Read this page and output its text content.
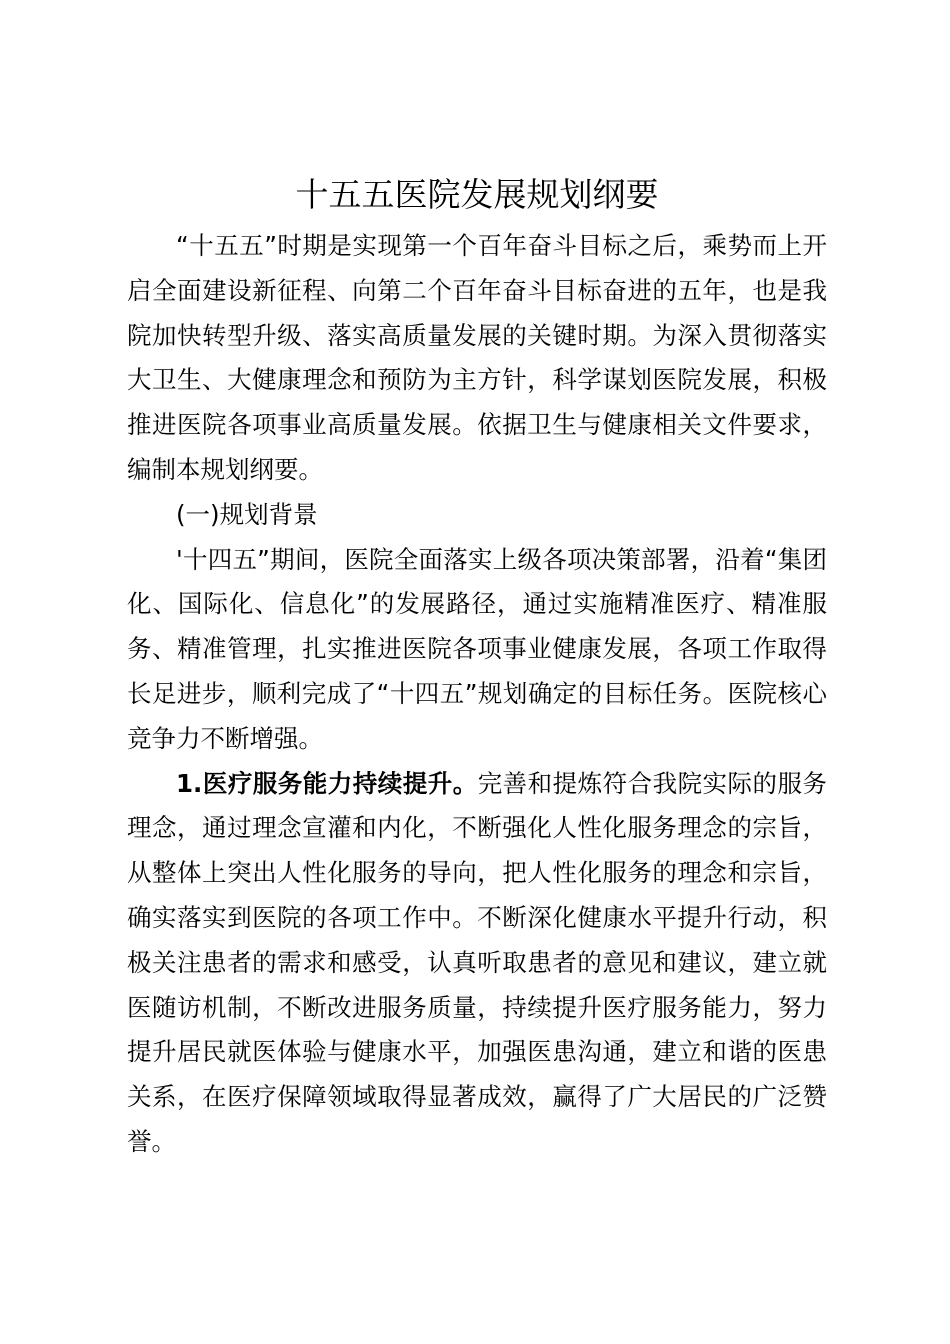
十五五医院发展规划纲要

“十五五”时期是实现第一个百年奋斗目标之后，乘势而上开启全面建设新征程、向第二个百年奋斗目标奋进的五年，也是我院加快转型升级、落实高质量发展的关键时期。为深入贯彻落实大卫生、大健康理念和预防为主方针，科学谋划医院发展，积极推进医院各项事业高质量发展。依据卫生与健康相关文件要求，编制本规划纲要。

(一)规划背景

'十四五”期间，医院全面落实上级各项决策部署，沿着“集团化、国际化、信息化”的发展路径，通过实施精准医疗、精准服务、精准管理，扎实推进医院各项事业健康发展，各项工作取得长足进步，顺利完成了“十四五”规划确定的目标任务。医院核心竞争力不断增强。

1.医疗服务能力持续提升。完善和提炼符合我院实际的服务理念，通过理念宣灌和内化，不断强化人性化服务理念的宗旨，从整体上突出人性化服务的导向，把人性化服务的理念和宗旨，确实落实到医院的各项工作中。不断深化健康水平提升行动，积极关注患者的需求和感受，认真听取患者的意见和建议，建立就医随访机制，不断改进服务质量，持续提升医疗服务能力，努力提升居民就医体验与健康水平，加强医患沟通，建立和谐的医患关系，在医疗保障领域取得显著成效，赢得了广大居民的广泛赞誉。
